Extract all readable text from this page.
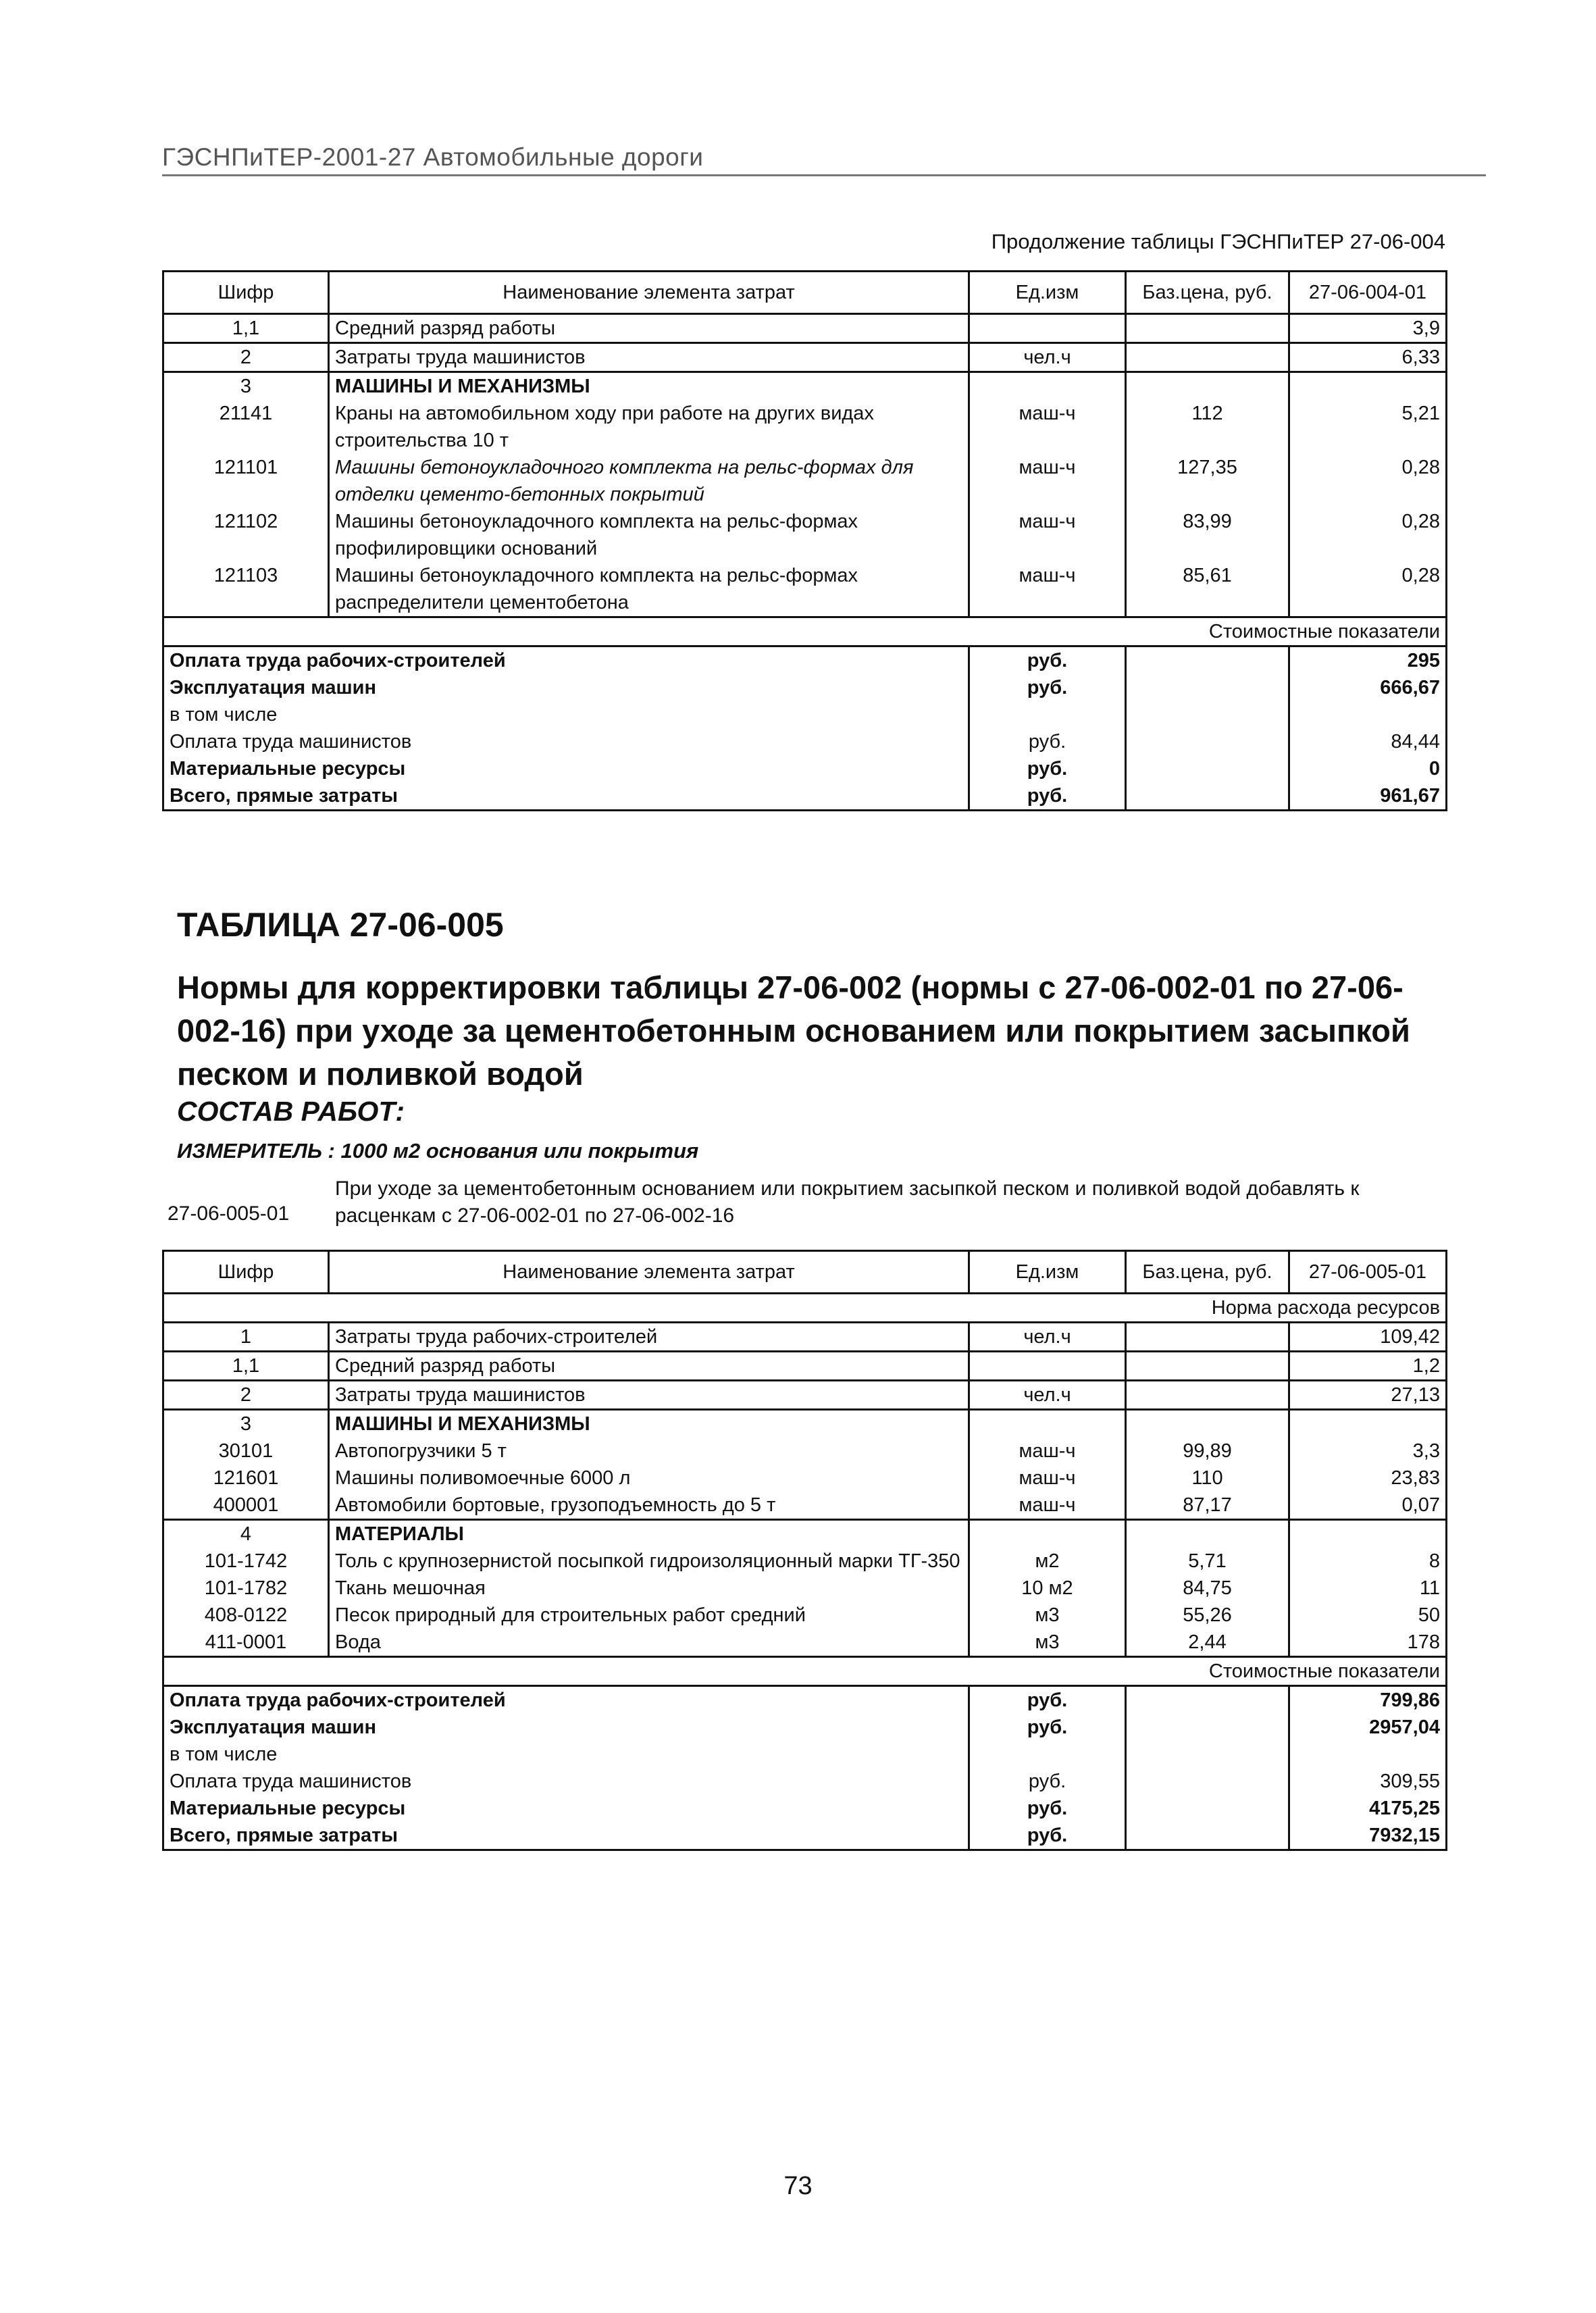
ГЭСНПиТЕР-2001-27 Автомобильные дороги
Продолжение таблицы ГЭСНПиТЕР 27-06-004
Шифр	Наименование элемента затрат	Ед.изм	Баз.цена, руб.	27-06-004-01
1,1	Средний разряд работы			3,9
2	Затраты труда машинистов	чел.ч		6,33
3	МАШИНЫ И МЕХАНИЗМЫ			
21141	Краны на автомобильном ходу при работе на других видах строительства 10 т	маш-ч	112	5,21
121101	Машины бетоноукладочного комплекта на рельс-формах для отделки цементо-бетонных покрытий	маш-ч	127,35	0,28
121102	Машины бетоноукладочного комплекта на рельс-формах профилировщики оснований	маш-ч	83,99	0,28
121103	Машины бетоноукладочного комплекта на рельс-формах распределители цементобетона	маш-ч	85,61	0,28
Стоимостные показатели				
Оплата труда рабочих-строителей		руб.		295
Эксплуатация машин		руб.		666,67
в том числе				
Оплата труда машинистов		руб.		84,44
Материальные ресурсы		руб.		0
Всего, прямые затраты		руб.		961,67
ТАБЛИЦА 27-06-005
Нормы для корректировки таблицы 27-06-002 (нормы с 27-06-002-01 по 27-06-002-16) при уходе за цементобетонным основанием или покрытием засыпкой песком и поливкой водой
СОСТАВ РАБОТ:
ИЗМЕРИТЕЛЬ : 1000 м2 основания или покрытия
27-06-005-01
При уходе за цементобетонным основанием или покрытием засыпкой песком и поливкой водой добавлять к расценкам с 27-06-002-01 по 27-06-002-16
Шифр	Наименование элемента затрат	Ед.изм	Баз.цена, руб.	27-06-005-01
Норма расхода ресурсов				
1	Затраты труда рабочих-строителей	чел.ч		109,42
1,1	Средний разряд работы			1,2
2	Затраты труда машинистов	чел.ч		27,13
3	МАШИНЫ И МЕХАНИЗМЫ			
30101	Автопогрузчики 5 т	маш-ч	99,89	3,3
121601	Машины поливомоечные 6000 л	маш-ч	110	23,83
400001	Автомобили бортовые, грузоподъемность до 5 т	маш-ч	87,17	0,07
4	МАТЕРИАЛЫ			
101-1742	Толь с крупнозернистой посыпкой гидроизоляционный марки ТГ-350	м2	5,71	8
101-1782	Ткань мешочная	10 м2	84,75	11
408-0122	Песок природный для строительных работ средний	м3	55,26	50
411-0001	Вода	м3	2,44	178
Стоимостные показатели				
Оплата труда рабочих-строителей		руб.		799,86
Эксплуатация машин		руб.		2957,04
в том числе				
Оплата труда машинистов		руб.		309,55
Материальные ресурсы		руб.		4175,25
Всего, прямые затраты		руб.		7932,15
73
